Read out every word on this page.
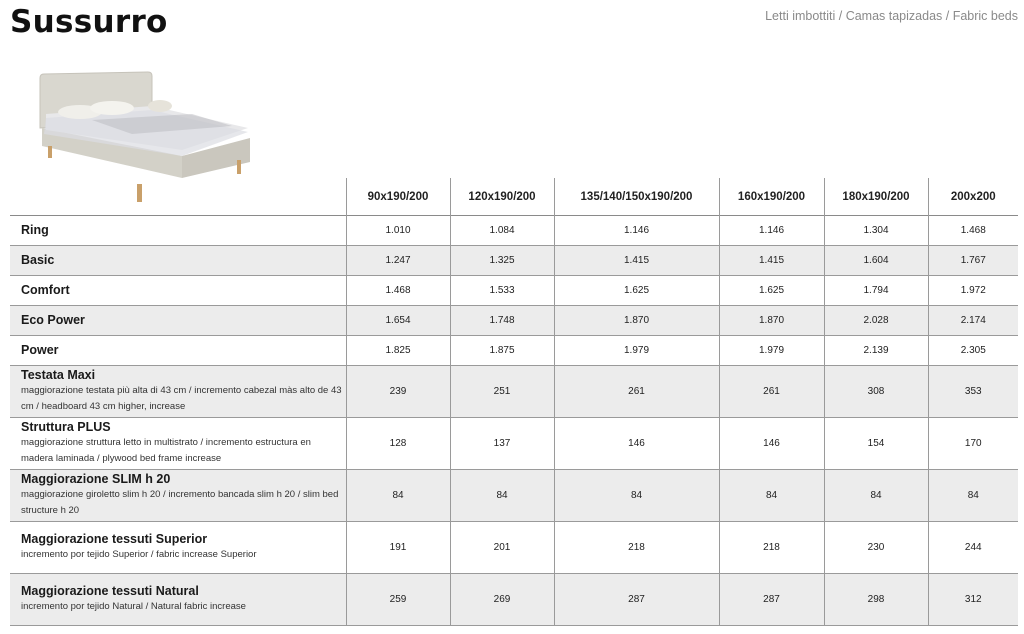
Sussurro	Letti imbottiti / Camas tapizadas / Fabric beds
	90x190/200	120x190/200	135/140/150x190/200	160x190/200	180x190/200	200x200

Ring	1.010	1.084	1.146	1.146	1.304	1.468

Basic	1.247	1.325	1.415	1.415	1.604	1.767

Comfort	1.468	1.533	1.625	1.625	1.794	1.972

Eco Power	1.654	1.748	1.870	1.870	2.028	2.174

Power	1.825	1.875	1.979	1.979	2.139	2.305

Testata Maxi
maggiorazione testata più alta di 43 cm / incremento cabezal màs alto de 43 cm / headboard 43 cm higher, increase	239	251	261	261	308	353

Struttura PLUS
maggiorazione struttura letto in multistrato / incremento estructura en madera laminada / plywood bed frame increase	128	137	146	146	154	170

Maggiorazione SLIM h 20
maggiorazione giroletto slim h 20 / incremento bancada slim h 20 / slim bed structure h 20	84	84	84	84	84	84

Maggiorazione tessuti Superior
incremento por tejido Superior / fabric increase Superior	191	201	218	218	230	244

Maggiorazione tessuti Natural
incremento por tejido Natural / Natural fabric increase	259	269	287	287	298	312
